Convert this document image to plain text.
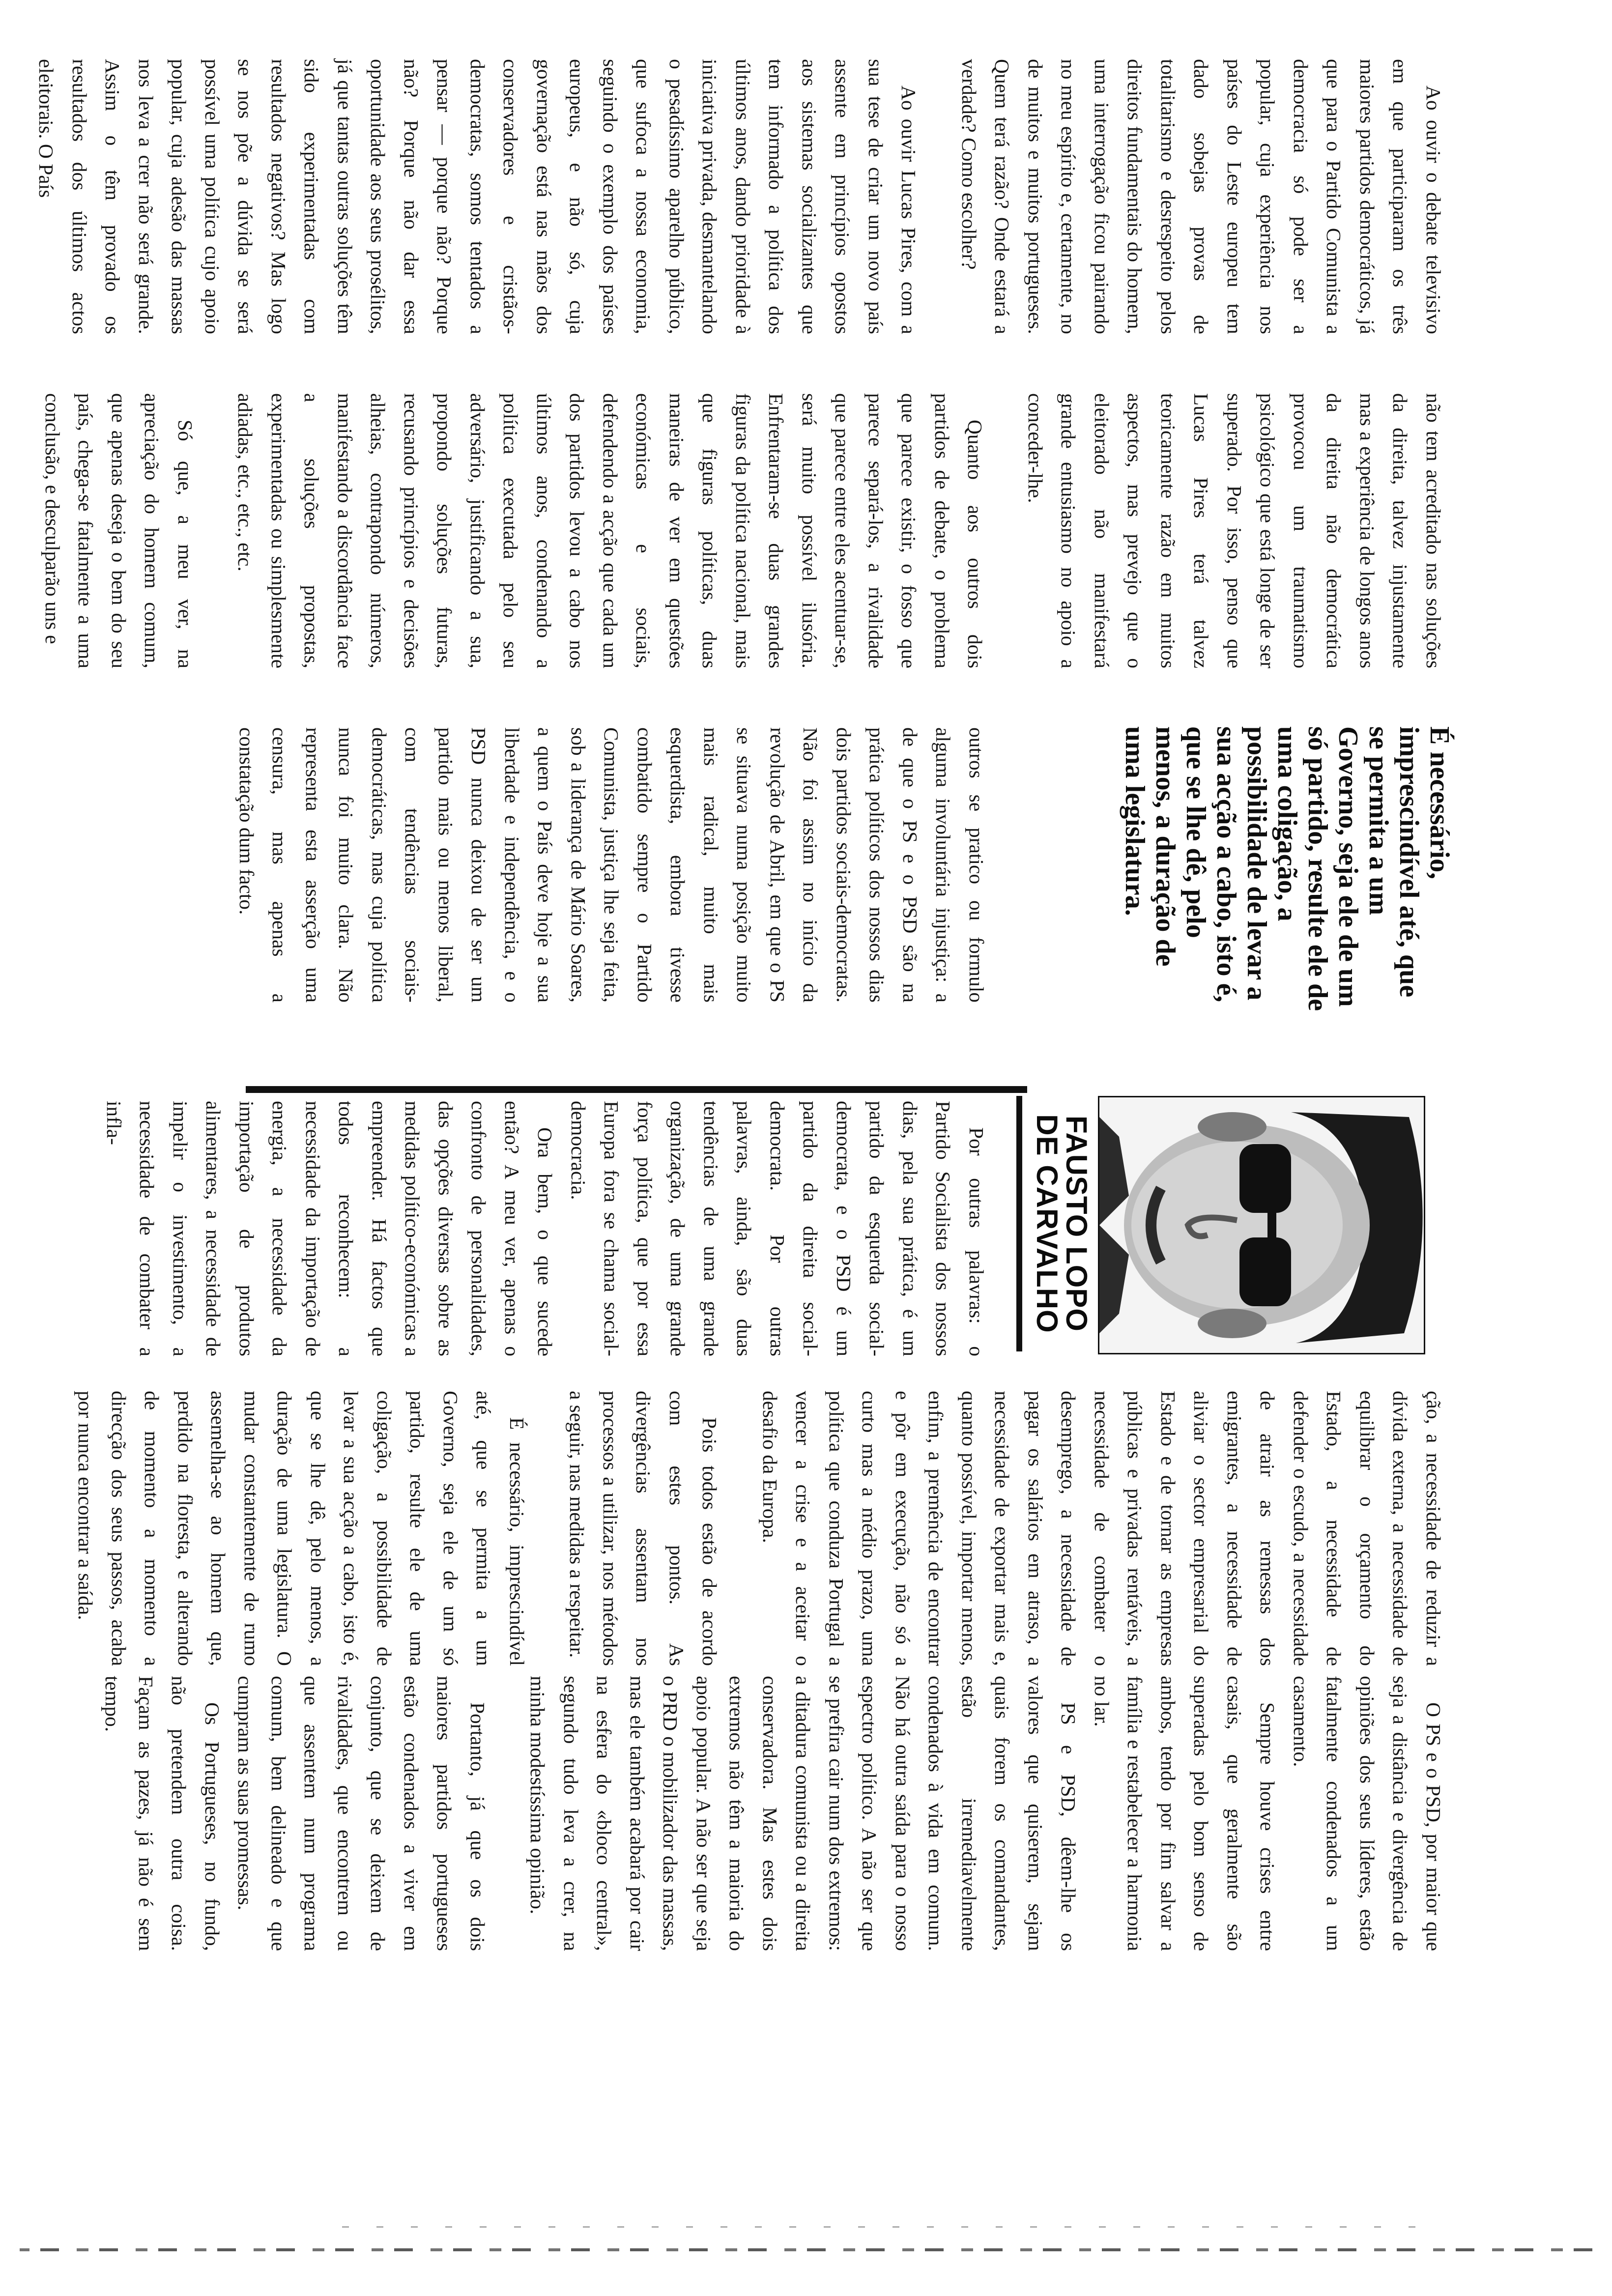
É necessário, imprescindível até, que se permita a um Governo, seja ele de um só partido, resulte ele de uma coligação, a possibilidade de levar a sua acção a cabo, isto é, que se lhe dê, pelo menos, a duração de uma legislatura.

FAUSTO LOPO
DE CARVALHO

Ao ouvir o debate televisivo em que participaram os três maiores partidos democráticos, já que para o Partido Comunista a democracia só pode ser a popular, cuja experiência nos países do Leste europeu tem dado sobejas provas de totalitarismo e desrespeito pelos direitos fundamentais do homem, uma interrogação ficou pairando no meu espírito e, certamente, no de muitos e muitos portugueses. Quem terá razão? Onde estará a verdade? Como escolher?

Ao ouvir Lucas Pires, com a sua tese de criar um novo país assente em princípios opostos aos sistemas socializantes que tem informado a política dos últimos anos, dando prioridade à iniciativa privada, desmantelando o pesadíssimo aparelho público, que sufoca a nossa economia, seguindo o exemplo dos países europeus, e não só, cuja governação está nas mãos dos conservadores e cristãos-democratas, somos tentados a pensar — porque não? Porque não? Porque não dar essa oportunidade aos seus prosélitos, já que tantas outras soluções têm sido experimentadas com resultados negativos? Mas logo se nos põe a dúvida se será possível uma política cujo apoio popular, cuja adesão das massas nos leva a crer não será grande. Assim o têm provado os resultados dos últimos actos eleitorais. O País

não tem acreditado nas soluções da direita, talvez injustamente mas a experiência de longos anos da direita não democrática provocou um traumatismo psicológico que está longe de ser superado. Por isso, penso que Lucas Pires terá talvez teoricamente razão em muitos aspectos, mas prevejo que o eleitorado não manifestará grande entusiasmo no apoio a conceder-lhe.

Quanto aos outros dois partidos de debate, o problema que parece existir, o fosso que parece separá-los, a rivalidade que parece entre eles acentuar-se, será muito possível ilusória. Enfrentaram-se duas grandes figuras da política nacional, mais que figuras políticas, duas maneiras de ver em questões económicas e sociais, defendendo a acção que cada um dos partidos levou a cabo nos últimos anos, condenando a política executada pelo seu adversário, justificando a sua, propondo soluções futuras, recusando princípios e decisões alheias, contrapondo números, manifestando a discordância face a soluções propostas, experimentadas ou simplesmente adiadas, etc., etc., etc.

Só que, a meu ver, na apreciação do homem comum, que apenas deseja o bem do seu país, chega-se fatalmente a uma conclusão, e desculparão uns e

outros se pratico ou formulo alguma involuntária injustiça: a de que o PS e o PSD são na prática políticos dos nossos dias dois partidos sociais-democratas. Não foi assim no início da revolução de Abril, em que o PS se situava numa posição muito mais radical, muito mais esquerdista, embora tivesse combatido sempre o Partido Comunista, justiça lhe seja feita, sob a liderança de Mário Soares, a quem o País deve hoje a sua liberdade e independência, e o PSD nunca deixou de ser um partido mais ou menos liberal, com tendências sociais-democráticas, mas cuja política nunca foi muito clara. Não representa esta asserção uma censura, mas apenas a constatação dum facto.

Por outras palavras: o Partido Socialista dos nossos dias, pela sua prática, é um partido da esquerda social-democrata, e o PSD é um partido da direita social-democrata. Por outras palavras, ainda, são duas tendências de uma grande organização, de uma grande força política, que por essa Europa fora se chama social-democracia.

Ora bem, o que sucede então? A meu ver, apenas o confronto de personalidades, das opções diversas sobre as medidas político-económicas a empreender. Há factos que todos reconhecem: a necessidade da importação de energia, a necessidade da importação de produtos alimentares, a necessidade de impelir o investimento, a necessidade de combater a infla-

ção, a necessidade de reduzir a dívida externa, a necessidade de equilibrar o orçamento do Estado, a necessidade de defender o escudo, a necessidade de atrair as remessas dos emigrantes, a necessidade de aliviar o sector empresarial do Estado e de tornar as empresas públicas e privadas rentáveis, a necessidade de combater o desemprego, a necessidade de pagar os salários em atraso, a necessidade de exportar mais e, quanto possível, importar menos, enfim, a premência de encontrar e pôr em execução, não só a curto mas a médio prazo, uma política que conduza Portugal a vencer a crise e a aceitar o desafio da Europa.

Pois todos estão de acordo com estes pontos. As divergências assentam nos processos a utilizar, nos métodos a seguir, nas medidas a respeitar.

É necessário, imprescindível até, que se permita a um Governo, seja ele de um só partido, resulte ele de uma coligação, a possibilidade de levar a sua acção a cabo, isto é, que se lhe dê, pelo menos, a duração de uma legislatura. O mudar constantemente de rumo assemelha-se ao homem que, perdido na floresta, e alterando de momento a momento a direcção dos seus passos, acaba por nunca encontrar a saída.

O PS e o PSD, por maior que seja a distância e divergência de opiniões dos seus líderes, estão fatalmente condenados a um casamento.

Sempre houve crises entre casais, que geralmente são superadas pelo bom senso de ambos, tendo por fim salvar a família e restabelecer a harmonia no lar.

PS e PSD, dêem-lhe os valores que quiserem, sejam quais forem os comandantes, estão irremediavelmente condenados à vida em comum. Não há outra saída para o nosso espectro político. A não ser que se prefira cair num dos extremos: a ditadura comunista ou a direita conservadora. Mas estes dois extremos não têm a maioria do apoio popular. A não ser que seja o PRD o mobilizador das massas, mas ele também acabará por cair na esfera do «bloco central», segundo tudo leva a crer, na minha modestíssima opinião.

Portanto, já que os dois maiores partidos portugueses estão condenados a viver em conjunto, que se deixem de rivalidades, que encontrem ou que assentem num programa comum, bem delineado e que cumpram as suas promessas.

Os Portugueses, no fundo, não pretendem outra coisa. Façam as pazes, já não é sem tempo.
